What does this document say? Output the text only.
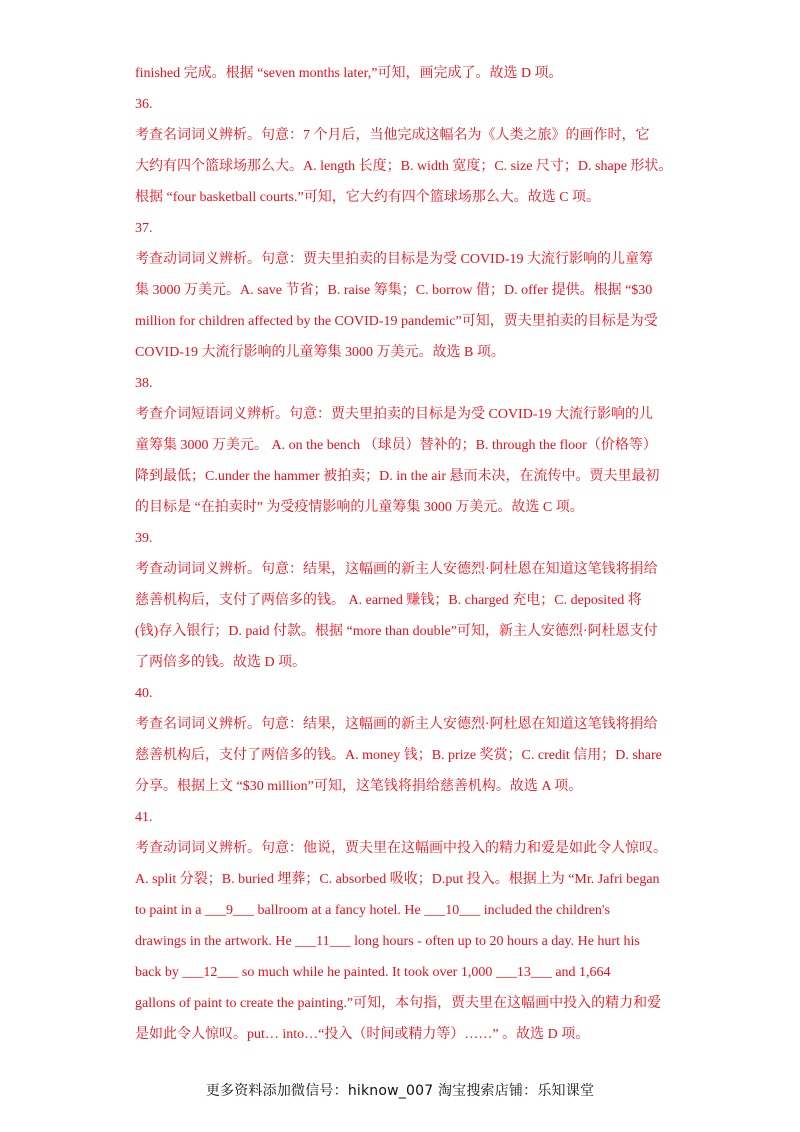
finished 完成。根据 “seven months later,”可知，画完成了。故选 D 项。
36.
考查名词词义辨析。句意：7 个月后，当他完成这幅名为《人类之旅》的画作时，它
大约有四个篮球场那么大。A. length 长度；B. width 宽度；C. size 尺寸；D. shape 形状。
根据 “four basketball courts.”可知，它大约有四个篮球场那么大。故选 C 项。
37.
考查动词词义辨析。句意：贾夫里拍卖的目标是为受 COVID-19 大流行影响的儿童筹
集 3000 万美元。A. save 节省；B. raise 筹集；C. borrow 借；D. offer 提供。根据 “$30
million for children affected by the COVID-19 pandemic”可知，贾夫里拍卖的目标是为受
COVID-19 大流行影响的儿童筹集 3000 万美元。故选 B 项。
38.
考查介词短语词义辨析。句意：贾夫里拍卖的目标是为受 COVID-19 大流行影响的儿
童筹集 3000 万美元。 A. on the bench （球员）替补的；B. through the floor（价格等）
降到最低；C.under the hammer 被拍卖；D. in the air 悬而未决，在流传中。贾夫里最初
的目标是 “在拍卖时” 为受疫情影响的儿童筹集 3000 万美元。故选 C 项。
39.
考查动词词义辨析。句意：结果，这幅画的新主人安德烈·阿杜恩在知道这笔钱将捐给
慈善机构后，支付了两倍多的钱。 A. earned 赚钱；B. charged 充电；C. deposited 将
(钱)存入银行；D. paid 付款。根据 “more than double”可知，新主人安德烈·阿杜恩支付
了两倍多的钱。故选 D 项。
40.
考查名词词义辨析。句意：结果，这幅画的新主人安德烈·阿杜恩在知道这笔钱将捐给
慈善机构后，支付了两倍多的钱。A. money 钱；B. prize 奖赏；C. credit 信用；D. share
分享。根据上文 “$30 million”可知，这笔钱将捐给慈善机构。故选 A 项。
41.
考查动词词义辨析。句意：他说，贾夫里在这幅画中投入的精力和爱是如此令人惊叹。
A. split 分裂；B. buried 埋葬；C. absorbed 吸收；D.put 投入。根据上为 “Mr. Jafri began
to paint in a ___9___ ballroom at a fancy hotel. He ___10___ included the children's
drawings in the artwork. He ___11___ long hours - often up to 20 hours a day. He hurt his
back by ___12___ so much while he painted. It took over 1,000 ___13___ and 1,664
gallons of paint to create the painting.”可知，本句指，贾夫里在这幅画中投入的精力和爱
是如此令人惊叹。put… into…“投入（时间或精力等）……” 。故选 D 项。
更多资料添加微信号：hiknow_007 淘宝搜索店铺：乐知课堂
